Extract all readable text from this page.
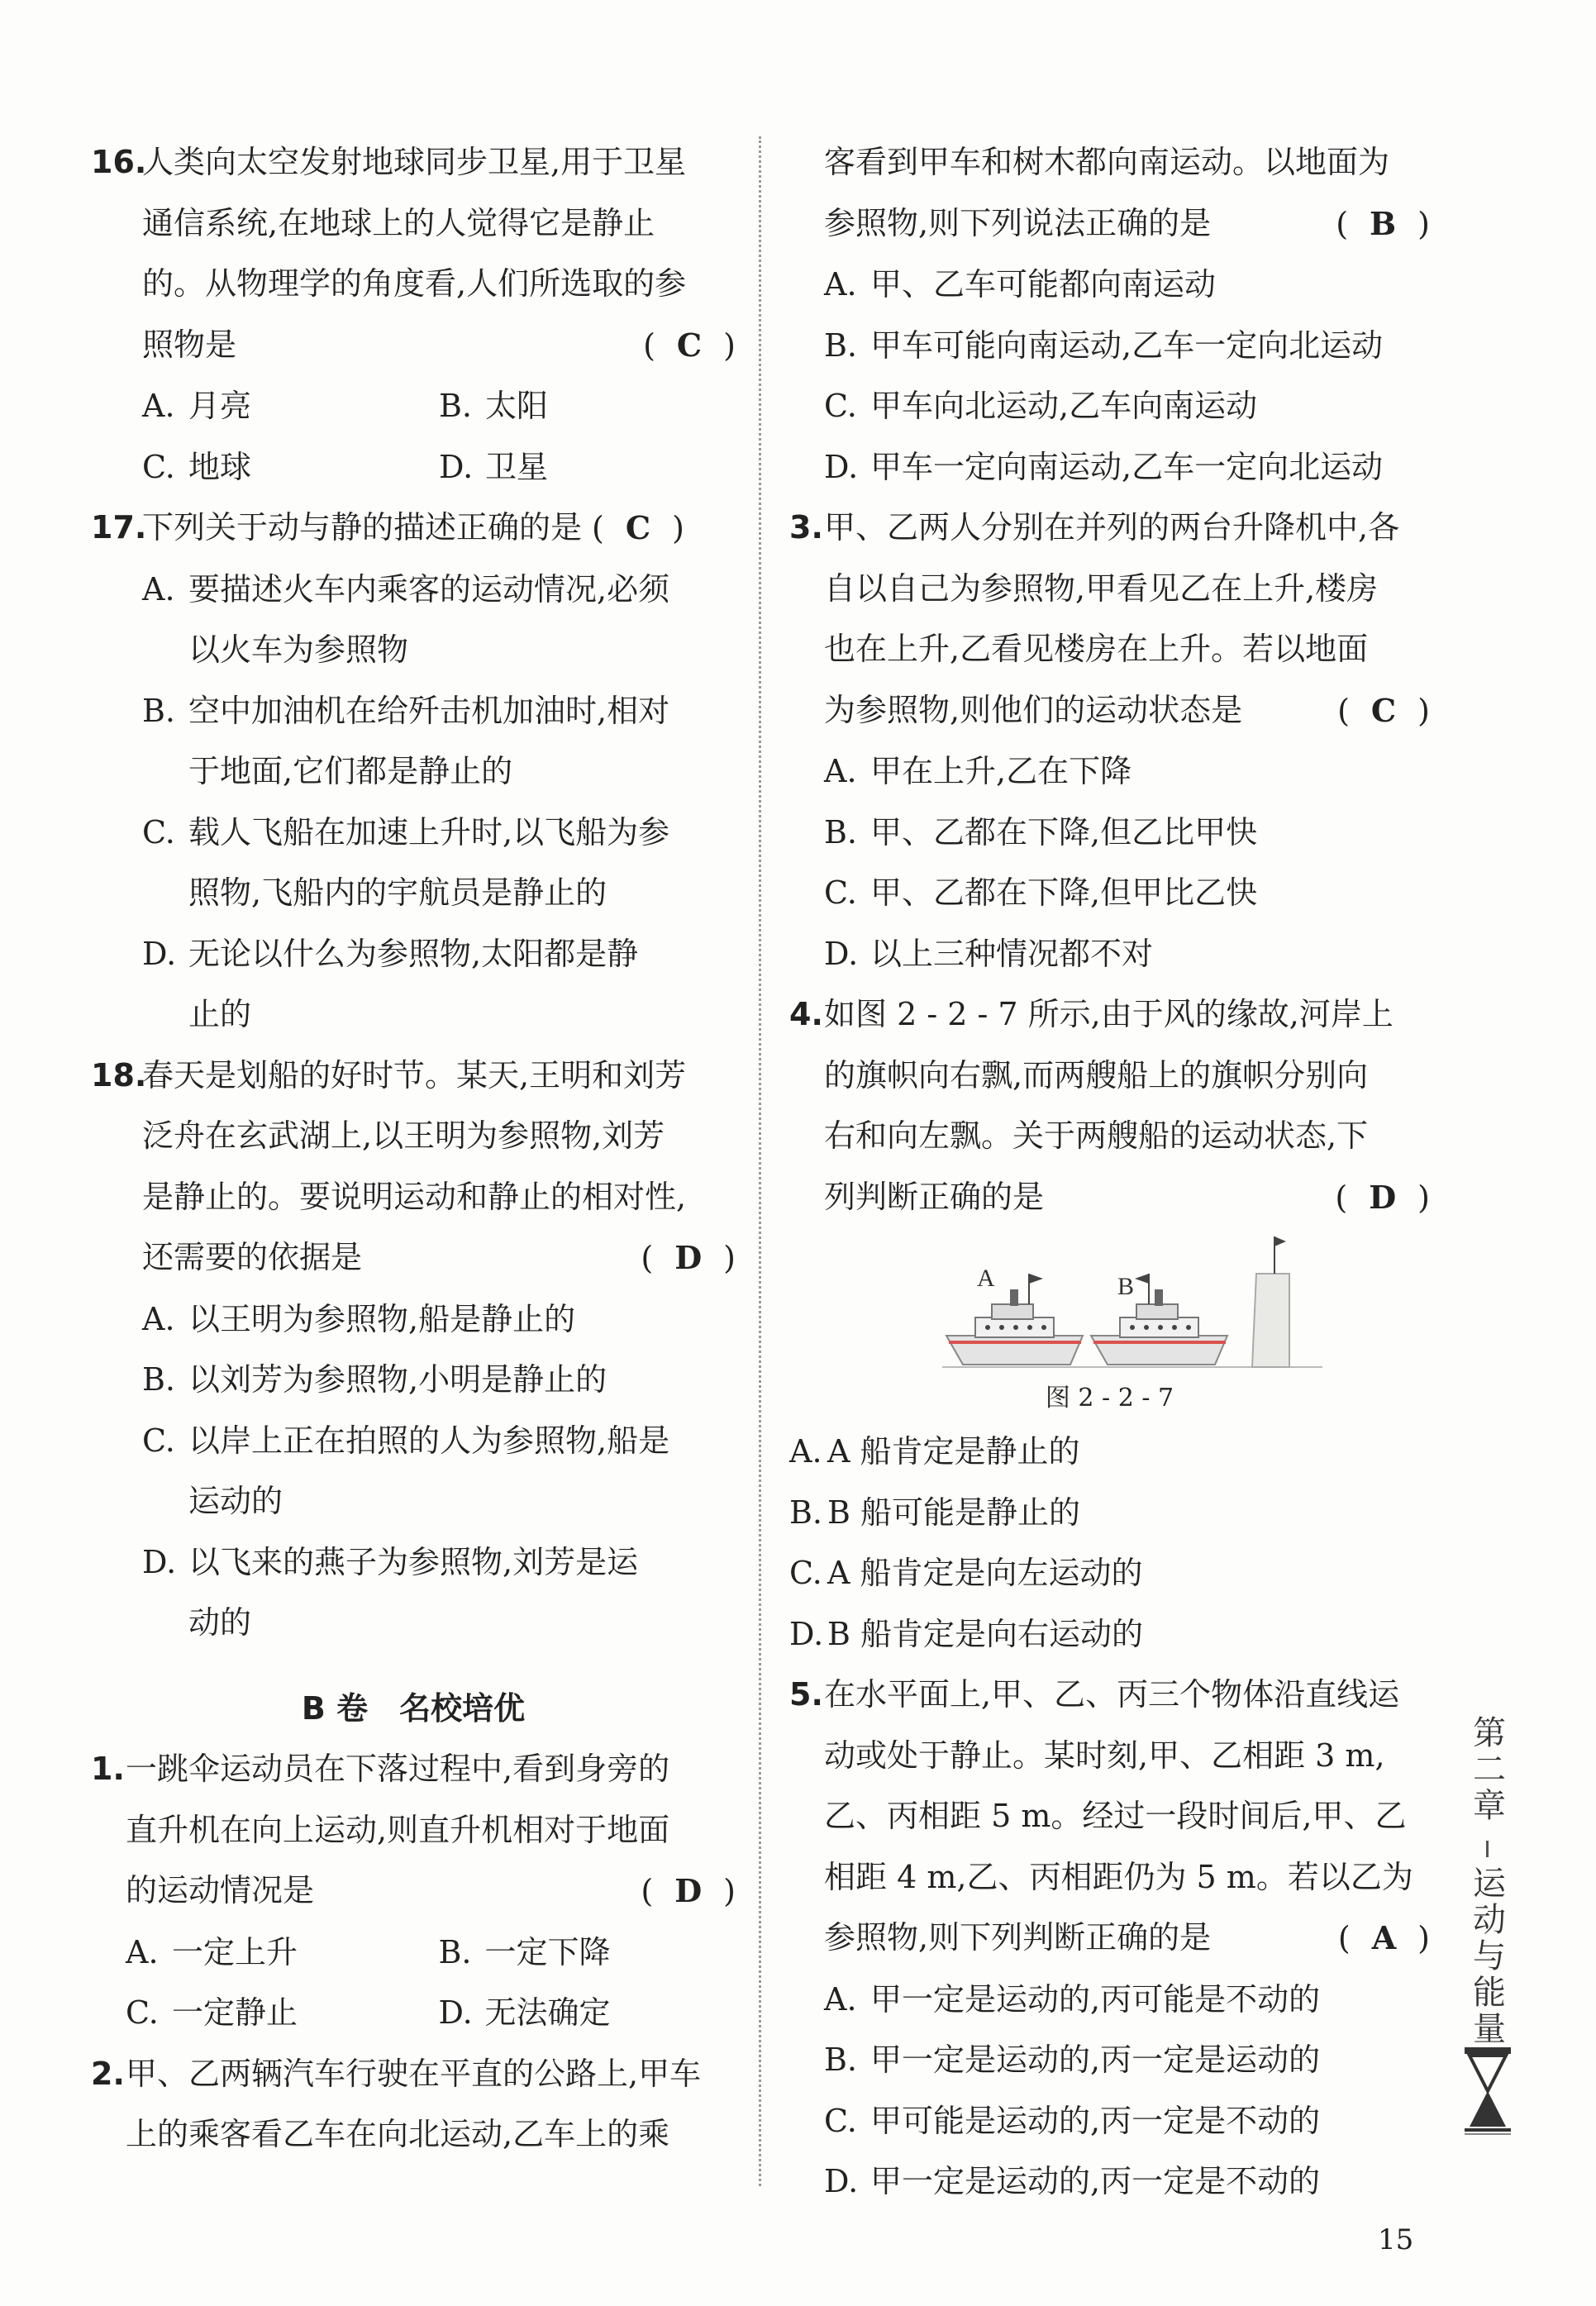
16.
人类向太空发射地球同步卫星,用于卫星
通信系统,在地球上的人觉得它是静止
的。从物理学的角度看,人们所选取的参
照物是	( C )
A. 月亮	B. 太阳
C. 地球	D. 卫星
17.
下列关于动与静的描述正确的是 ( C )
A. 要描述火车内乘客的运动情况,必须
以火车为参照物
B. 空中加油机在给歼击机加油时,相对
于地面,它们都是静止的
C. 载人飞船在加速上升时,以飞船为参
照物,飞船内的宇航员是静止的
D. 无论以什么为参照物,太阳都是静
止的
18.
春天是划船的好时节。某天,王明和刘芳
泛舟在玄武湖上,以王明为参照物,刘芳
是静止的。要说明运动和静止的相对性,
还需要的依据是	( D )
A. 以王明为参照物,船是静止的
B. 以刘芳为参照物,小明是静止的
C. 以岸上正在拍照的人为参照物,船是
运动的
D. 以飞来的燕子为参照物,刘芳是运
动的
B 卷　名校培优
1. 一跳伞运动员在下落过程中,看到身旁的
直升机在向上运动,则直升机相对于地面
的运动情况是	( D )
A. 一定上升	B. 一定下降
C. 一定静止	D. 无法确定
2. 甲、乙两辆汽车行驶在平直的公路上,甲车
上的乘客看乙车在向北运动,乙车上的乘
客看到甲车和树木都向南运动。以地面为
参照物,则下列说法正确的是	( B )
A. 甲、乙车可能都向南运动
B. 甲车可能向南运动,乙车一定向北运动
C. 甲车向北运动,乙车向南运动
D. 甲车一定向南运动,乙车一定向北运动
3. 甲、乙两人分别在并列的两台升降机中,各
自以自己为参照物,甲看见乙在上升,楼房
也在上升,乙看见楼房在上升。若以地面
为参照物,则他们的运动状态是	( C )
A. 甲在上升,乙在下降
B. 甲、乙都在下降,但乙比甲快
C. 甲、乙都在下降,但甲比乙快
D. 以上三种情况都不对
4. 如图 2 - 2 - 7 所示,由于风的缘故,河岸上
的旗帜向右飘,而两艘船上的旗帜分别向
右和向左飘。关于两艘船的运动状态,下
列判断正确的是	( D )
A	B
图 2 - 2 - 7
A. A 船肯定是静止的
B. B 船可能是静止的
C. A 船肯定是向左运动的
D. B 船肯定是向右运动的
5. 在水平面上,甲、乙、丙三个物体沿直线运
动或处于静止。某时刻,甲、乙相距 3 m,
乙、丙相距 5 m。经过一段时间后,甲、乙
相距 4 m,乙、丙相距仍为 5 m。若以乙为
参照物,则下列判断正确的是	( A )
A. 甲一定是运动的,丙可能是不动的
B. 甲一定是运动的,丙一定是运动的
C. 甲可能是运动的,丙一定是不动的
D. 甲一定是运动的,丙一定是不动的
第二章
运动与能量
15
